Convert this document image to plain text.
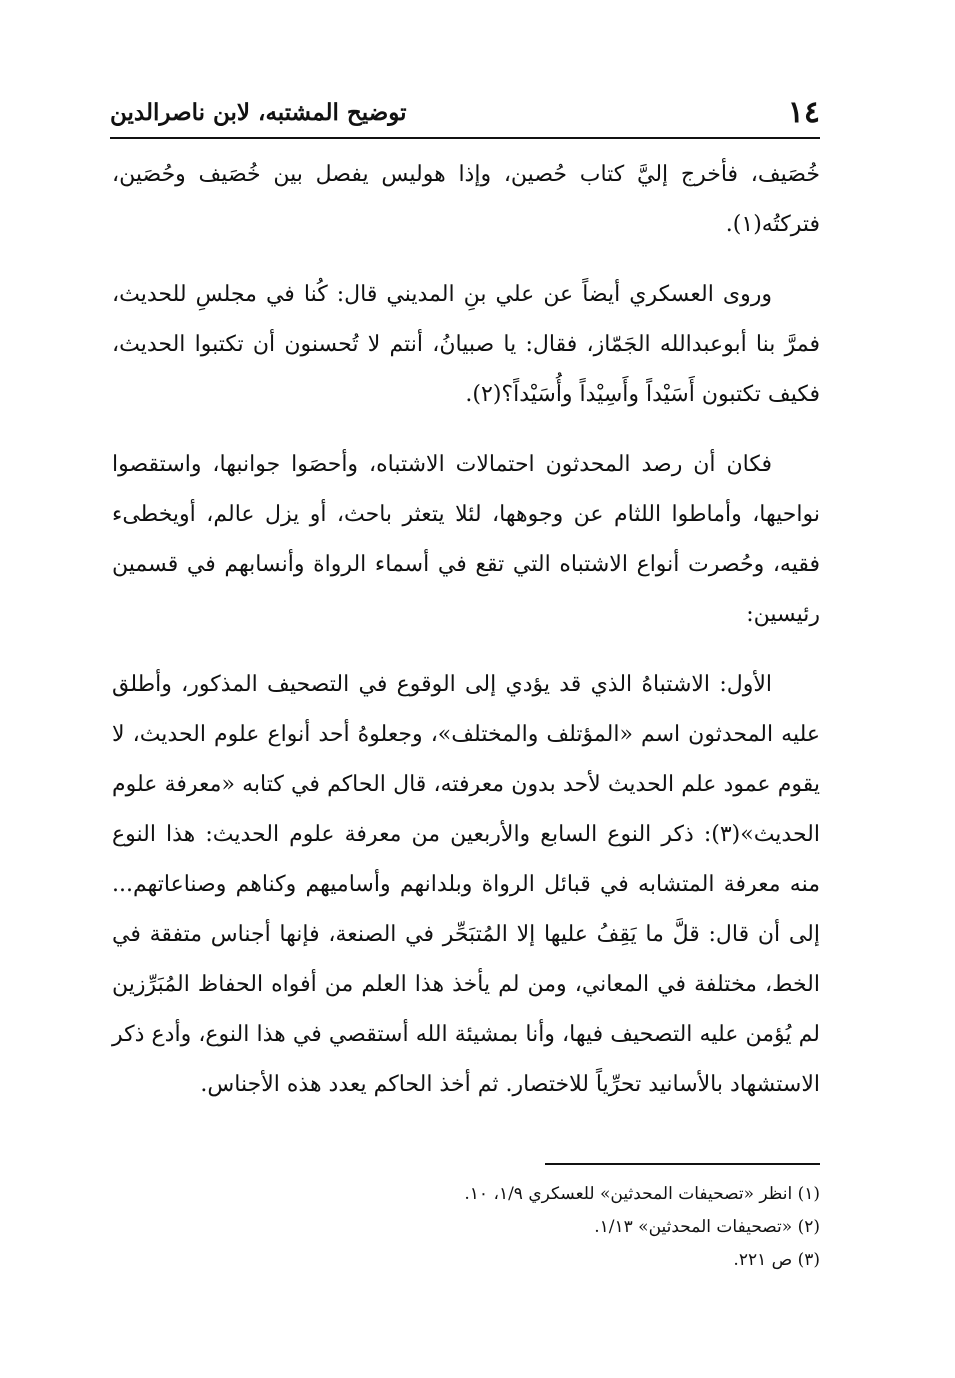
١٤
توضيح المشتبه، لابن ناصرالدين

خُصَيف، فأخرج إليَّ كتاب حُصين، وإذا هوليس يفصل بين خُصَيف وحُصَين، فتركتُه(١).

وروى العسكري أيضاً عن علي بنِ المديني قال: كُنا في مجلسِ للحديث، فمرَّ بنا أبوعبدالله الجَمّاز، فقال: يا صبيانُ، أنتم لا تُحسنون أن تكتبوا الحديث، فكيف تكتبون أَسَيْداً وأَسِيْداً وأُسَيْداً؟(٢).

فكان أن رصد المحدثون احتمالات الاشتباه، وأحصَوا جوانبها، واستقصوا نواحيها، وأماطوا اللثام عن وجوهها، لئلا يتعثر باحث، أو يزل عالم، أويخطىء فقيه، وحُصرت أنواع الاشتباه التي تقع في أسماء الرواة وأنسابهم في قسمين رئيسين:

الأول: الاشتباهُ الذي قد يؤدي إلى الوقوع في التصحيف المذكور، وأطلق عليه المحدثون اسم «المؤتلف والمختلف»، وجعلوهُ أحد أنواع علوم الحديث، لا يقوم عمود علم الحديث لأحد بدون معرفته، قال الحاكم في كتابه «معرفة علوم الحديث»(٣): ذكر النوع السابع والأربعين من معرفة علوم الحديث: هذا النوع منه معرفة المتشابه في قبائل الرواة وبلدانهم وأساميهم وكناهم وصناعاتهم... إلى أن قال: قلَّ ما يَقِفُ عليها إلا المُتبَحِّر في الصنعة، فإنها أجناس متفقة في الخط، مختلفة في المعاني، ومن لم يأخذ هذا العلم من أفواه الحفاظ المُبَرِّزين لم يُؤمن عليه التصحيف فيها، وأنا بمشيئة الله أستقصي في هذا النوع، وأدع ذكر الاستشهاد بالأسانيد تحرِّياً للاختصار. ثم أخذ الحاكم يعدد هذه الأجناس.

(١) انظر «تصحيفات المحدثين» للعسكري ١/٩، ١٠.

(٢) «تصحيفات المحدثين» ١/١٣.

(٣) ص ٢٢١.
